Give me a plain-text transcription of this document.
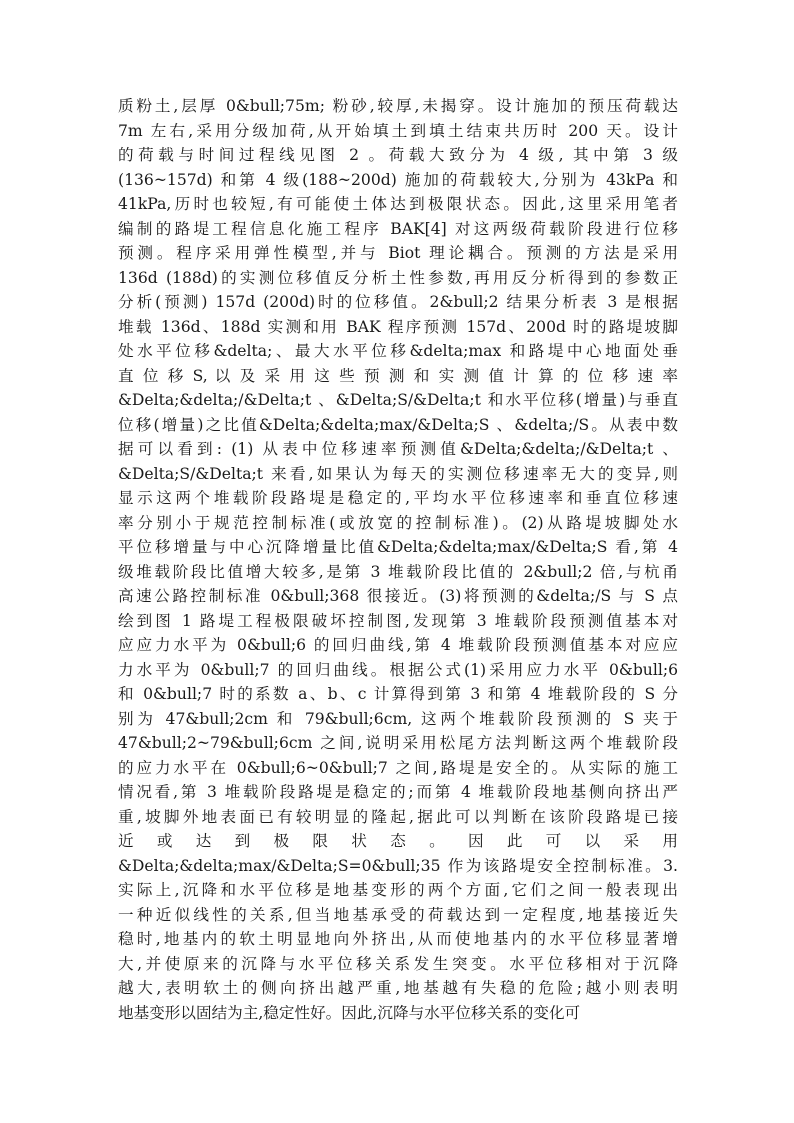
质粉土,层厚 0&bull;75m; 粉砂,较厚,未揭穿。设计施加的预压荷载达
7m 左右,采用分级加荷,从开始填土到填土结束共历时 200 天。设计
的荷载与时间过程线见图 2 。荷载大致分为 4 级, 其中第 3 级
(136~157d) 和第 4 级(188~200d) 施加的荷载较大,分别为 43kPa 和
41kPa,历时也较短,有可能使土体达到极限状态。因此,这里采用笔者
编制的路堤工程信息化施工程序 BAK[4] 对这两级荷载阶段进行位移
预测。程序采用弹性模型,并与 Biot 理论耦合。预测的方法是采用
136d (188d)的实测位移值反分析土性参数,再用反分析得到的参数正
分析(预测) 157d (200d)时的位移值。2&bull;2 结果分析表 3 是根据
堆载 136d、188d 实测和用 BAK 程序预测 157d、200d 时的路堤坡脚
处水平位移&delta;、最大水平位移&delta;max 和路堤中心地面处垂
直 位 移 S, 以 及 采 用 这 些 预 测 和 实 测 值 计 算 的 位 移 速 率
&Delta;&delta;/&Delta;t 、&Delta;S/&Delta;t 和水平位移(增量)与垂直
位移(增量)之比值&Delta;&delta;max/&Delta;S 、&delta;/S。从表中数
据可以看到: (1) 从表中位移速率预测值&Delta;&delta;/&Delta;t 、
&Delta;S/&Delta;t 来看,如果认为每天的实测位移速率无大的变异,则
显示这两个堆载阶段路堤是稳定的,平均水平位移速率和垂直位移速
率分别小于规范控制标准(或放宽的控制标准)。(2)从路堤坡脚处水
平位移增量与中心沉降增量比值&Delta;&delta;max/&Delta;S 看,第 4
级堆载阶段比值增大较多,是第 3 堆载阶段比值的 2&bull;2 倍,与杭甬
高速公路控制标准 0&bull;368 很接近。(3)将预测的&delta;/S 与 S 点
绘到图 1 路堤工程极限破坏控制图,发现第 3 堆载阶段预测值基本对
应应力水平为 0&bull;6 的回归曲线,第 4 堆载阶段预测值基本对应应
力水平为 0&bull;7 的回归曲线。根据公式(1)采用应力水平 0&bull;6
和 0&bull;7 时的系数 a、b、c 计算得到第 3 和第 4 堆载阶段的 S 分
别为 47&bull;2cm 和 79&bull;6cm, 这两个堆载阶段预测的 S 夹于
47&bull;2~79&bull;6cm 之间,说明采用松尾方法判断这两个堆载阶段
的应力水平在 0&bull;6~0&bull;7 之间,路堤是安全的。从实际的施工
情况看,第 3 堆载阶段路堤是稳定的;而第 4 堆载阶段地基侧向挤出严
重,坡脚外地表面已有较明显的隆起,据此可以判断在该阶段路堤已接
近 或 达 到 极 限 状 态 。 因 此 可 以 采 用
&Delta;&delta;max/&Delta;S=0&bull;35 作为该路堤安全控制标准。3.
实际上,沉降和水平位移是地基变形的两个方面,它们之间一般表现出
一种近似线性的关系,但当地基承受的荷载达到一定程度,地基接近失
稳时,地基内的软土明显地向外挤出,从而使地基内的水平位移显著增
大,并使原来的沉降与水平位移关系发生突变。水平位移相对于沉降
越大,表明软土的侧向挤出越严重,地基越有失稳的危险;越小则表明
地基变形以固结为主,稳定性好。因此,沉降与水平位移关系的变化可
